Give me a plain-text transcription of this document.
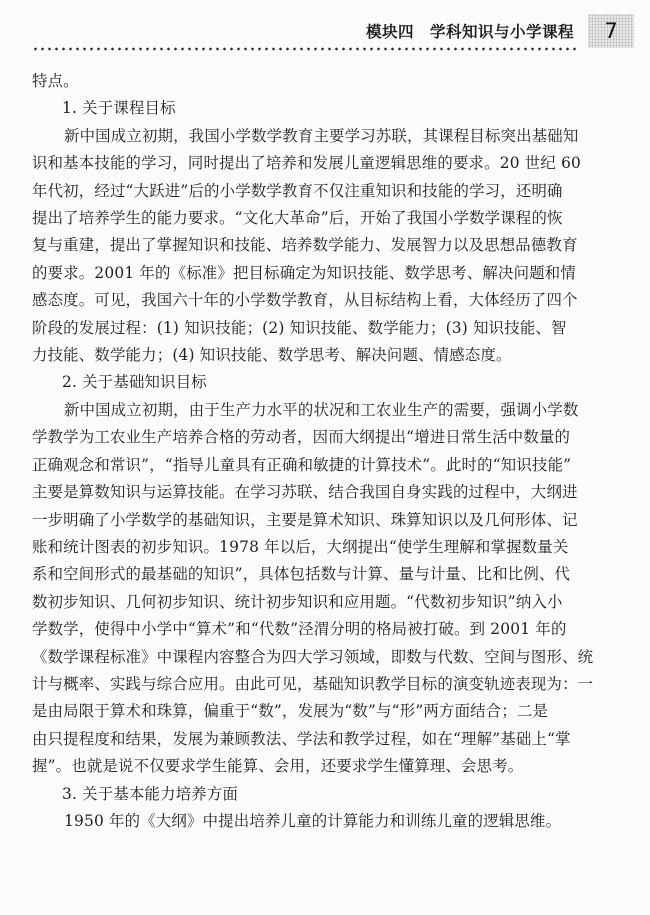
模块四　学科知识与小学课程	7

特点。

1. 关于课程目标

新中国成立初期，我国小学数学教育主要学习苏联，其课程目标突出基础知

识和基本技能的学习，同时提出了培养和发展儿童逻辑思维的要求。20 世纪 60

年代初，经过“大跃进”后的小学数学教育不仅注重知识和技能的学习，还明确

提出了培养学生的能力要求。“文化大革命”后，开始了我国小学数学课程的恢

复与重建，提出了掌握知识和技能、培养数学能力、发展智力以及思想品德教育

的要求。2001 年的《标准》把目标确定为知识技能、数学思考、解决问题和情

感态度。可见，我国六十年的小学数学教育，从目标结构上看，大体经历了四个

阶段的发展过程：(1) 知识技能；(2) 知识技能、数学能力；(3) 知识技能、智

力技能、数学能力；(4) 知识技能、数学思考、解决问题、情感态度。

2. 关于基础知识目标

新中国成立初期，由于生产力水平的状况和工农业生产的需要，强调小学数

学教学为工农业生产培养合格的劳动者，因而大纲提出“增进日常生活中数量的

正确观念和常识”，“指导儿童具有正确和敏捷的计算技术”。此时的“知识技能”

主要是算数知识与运算技能。在学习苏联、结合我国自身实践的过程中，大纲进

一步明确了小学数学的基础知识，主要是算术知识、珠算知识以及几何形体、记

账和统计图表的初步知识。1978 年以后，大纲提出“使学生理解和掌握数量关

系和空间形式的最基础的知识”，具体包括数与计算、量与计量、比和比例、代

数初步知识、几何初步知识、统计初步知识和应用题。“代数初步知识”纳入小

学数学，使得中小学中“算术”和“代数”泾渭分明的格局被打破。到 2001 年的

《数学课程标准》中课程内容整合为四大学习领域，即数与代数、空间与图形、统

计与概率、实践与综合应用。由此可见，基础知识教学目标的演变轨迹表现为：一

是由局限于算术和珠算，偏重于“数”，发展为“数”与“形”两方面结合；二是

由只提程度和结果，发展为兼顾教法、学法和教学过程，如在“理解”基础上“掌

握”。也就是说不仅要求学生能算、会用，还要求学生懂算理、会思考。

3. 关于基本能力培养方面

1950 年的《大纲》中提出培养儿童的计算能力和训练儿童的逻辑思维。
